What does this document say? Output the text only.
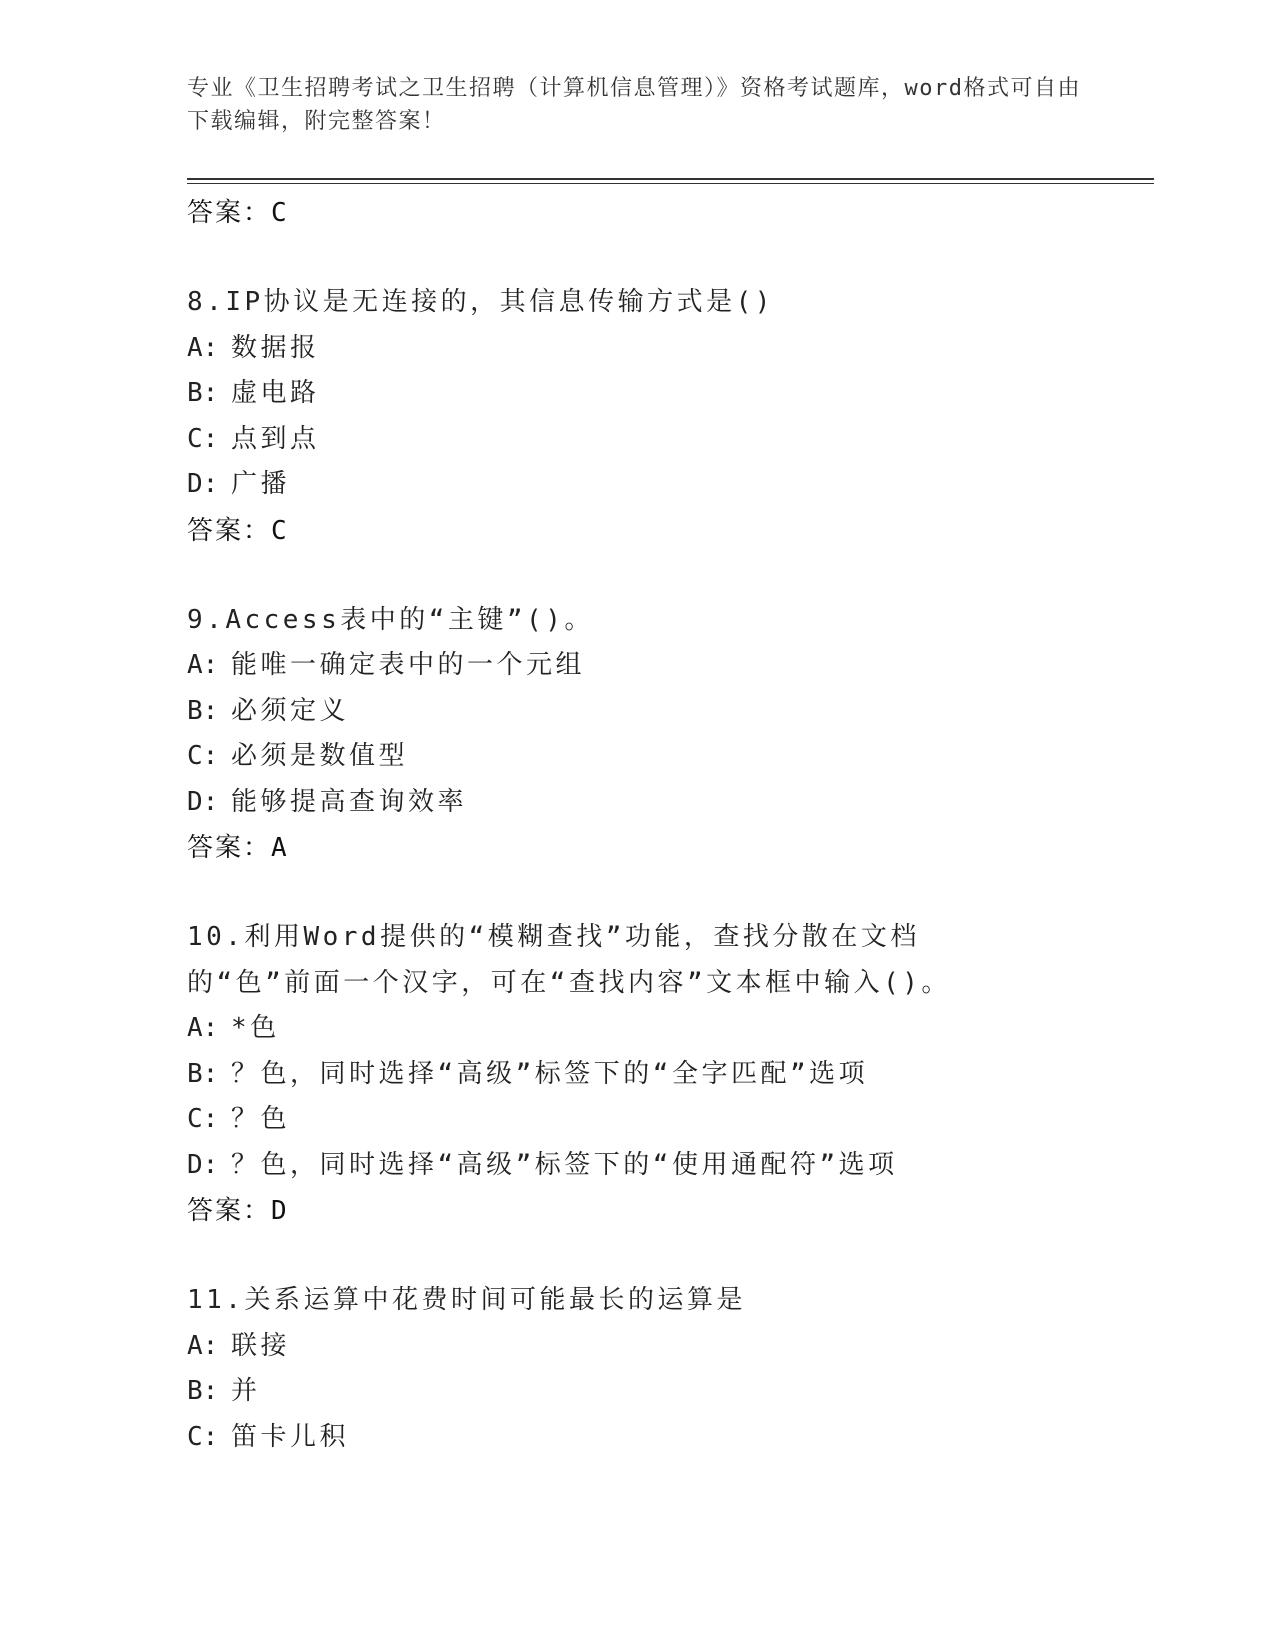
专业《卫生招聘考试之卫生招聘（计算机信息管理）》资格考试题库，word格式可自由下载编辑，附完整答案！
答案：C
8.IP协议是无连接的，其信息传输方式是()
A: 数据报
B: 虚电路
C: 点到点
D: 广播
答案：C
9.Access表中的“主键”()。
A: 能唯一确定表中的一个元组
B: 必须定义
C: 必须是数值型
D: 能够提高查询效率
答案：A
10.利用Word提供的“模糊查找”功能，查找分散在文档的“色”前面一个汉字，可在“查找内容”文本框中输入()。
A: *色
B: ？色，同时选择“高级”标签下的“全字匹配”选项
C: ？色
D: ？色，同时选择“高级”标签下的“使用通配符”选项
答案：D
11.关系运算中花费时间可能最长的运算是
A: 联接
B: 并
C: 笛卡儿积
